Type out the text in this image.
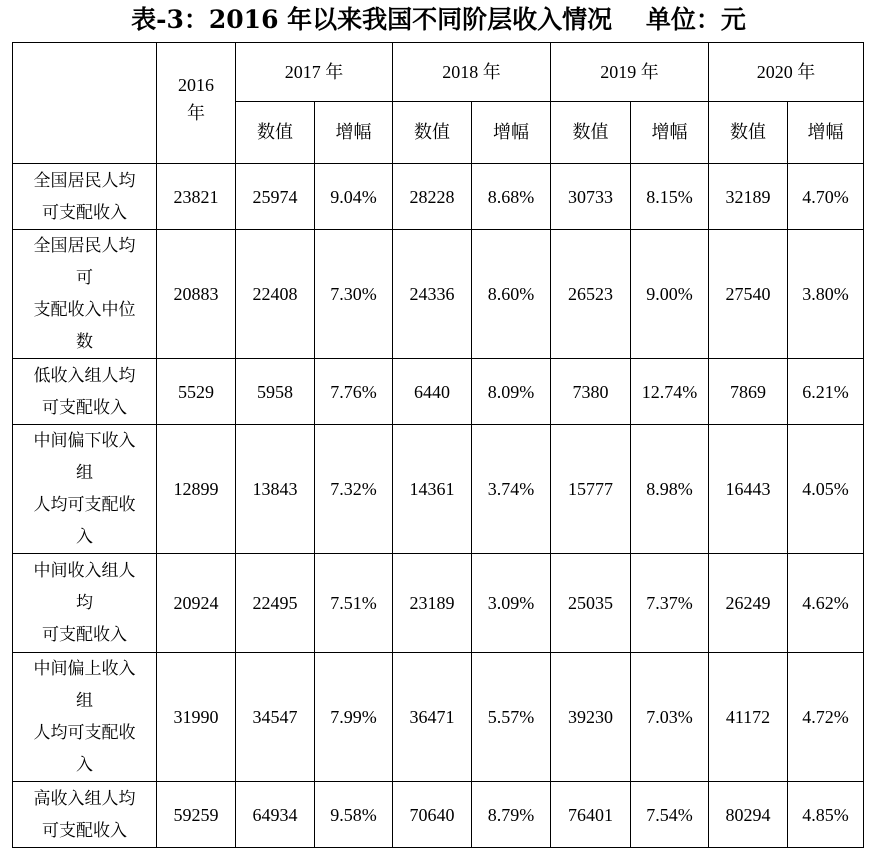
表-3：2016 年以来我国不同阶层收入情况　 单位：元

	2016
年	2017 年		2018 年		2019 年		2020 年	
		数值	增幅	数值	增幅	数值	增幅	数值	增幅

全国居民人均
可支配收入	23821	25974	9.04%	28228	8.68%	30733	8.15%	32189	4.70%

全国居民人均
可
支配收入中位
数	20883	22408	7.30%	24336	8.60%	26523	9.00%	27540	3.80%

低收入组人均
可支配收入	5529	5958	7.76%	6440	8.09%	7380	12.74%	7869	6.21%

中间偏下收入
组
人均可支配收
入	12899	13843	7.32%	14361	3.74%	15777	8.98%	16443	4.05%

中间收入组人
均
可支配收入	20924	22495	7.51%	23189	3.09%	25035	7.37%	26249	4.62%

中间偏上收入
组
人均可支配收
入	31990	34547	7.99%	36471	5.57%	39230	7.03%	41172	4.72%

高收入组人均
可支配收入	59259	64934	9.58%	70640	8.79%	76401	7.54%	80294	4.85%
